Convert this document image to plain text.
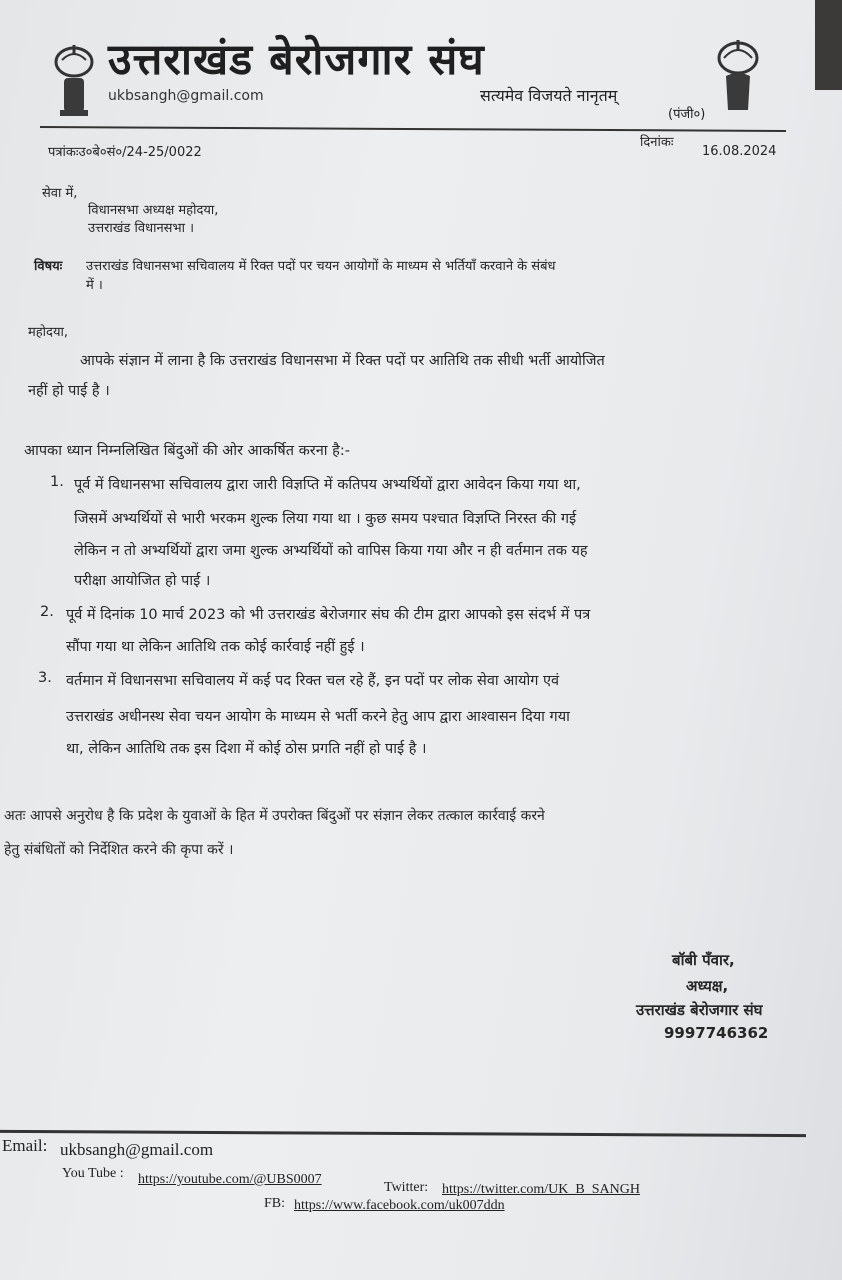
उत्तराखंड बेरोजगार संघ
ukbsangh@gmail.com	सत्यमेव विजयते नानृतम्
(पंजी०)
पत्रांकःउ०बे०सं०/24-25/0022
दिनांकः
16.08.2024
सेवा में,
विधानसभा अध्यक्ष महोदया,
उत्तराखंड विधानसभा ।
विषयः उत्तराखंड विधानसभा सचिवालय में रिक्त पदों पर चयन आयोगों के माध्यम से भर्तियाँ करवाने के संबंध
में ।
महोदया,
आपके संज्ञान में लाना है कि उत्तराखंड विधानसभा में रिक्त पदों पर आतिथि तक सीधी भर्ती आयोजित
नहीं हो पाई है ।
आपका ध्यान निम्नलिखित बिंदुओं की ओर आकर्षित करना है:-
1. पूर्व में विधानसभा सचिवालय द्वारा जारी विज्ञप्ति में कतिपय अभ्यर्थियों द्वारा आवेदन किया गया था,
जिसमें अभ्यर्थियों से भारी भरकम शुल्क लिया गया था । कुछ समय पश्चात विज्ञप्ति निरस्त की गई
लेकिन न तो अभ्यर्थियों द्वारा जमा शुल्क अभ्यर्थियों को वापिस किया गया और न ही वर्तमान तक यह
परीक्षा आयोजित हो पाई ।
2. पूर्व में दिनांक 10 मार्च 2023 को भी उत्तराखंड बेरोजगार संघ की टीम द्वारा आपको इस संदर्भ में पत्र
सौंपा गया था लेकिन आतिथि तक कोई कार्रवाई नहीं हुई ।
3. वर्तमान में विधानसभा सचिवालय में कई पद रिक्त चल रहे हैं, इन पदों पर लोक सेवा आयोग एवं
उत्तराखंड अधीनस्थ सेवा चयन आयोग के माध्यम से भर्ती करने हेतु आप द्वारा आश्वासन दिया गया
था, लेकिन आतिथि तक इस दिशा में कोई ठोस प्रगति नहीं हो पाई है ।
अतः आपसे अनुरोध है कि प्रदेश के युवाओं के हित में उपरोक्त बिंदुओं पर संज्ञान लेकर तत्काल कार्रवाई करने
हेतु संबंधितों को निर्देशित करने की कृपा करें ।
बॉबी पँवार,
अध्यक्ष,
उत्तराखंड बेरोजगार संघ
9997746362
Email: ukbsangh@gmail.com
You Tube : https://youtube.com/@UBS0007
Twitter: https://twitter.com/UK_B_SANGH
FB: https://www.facebook.com/uk007ddn
